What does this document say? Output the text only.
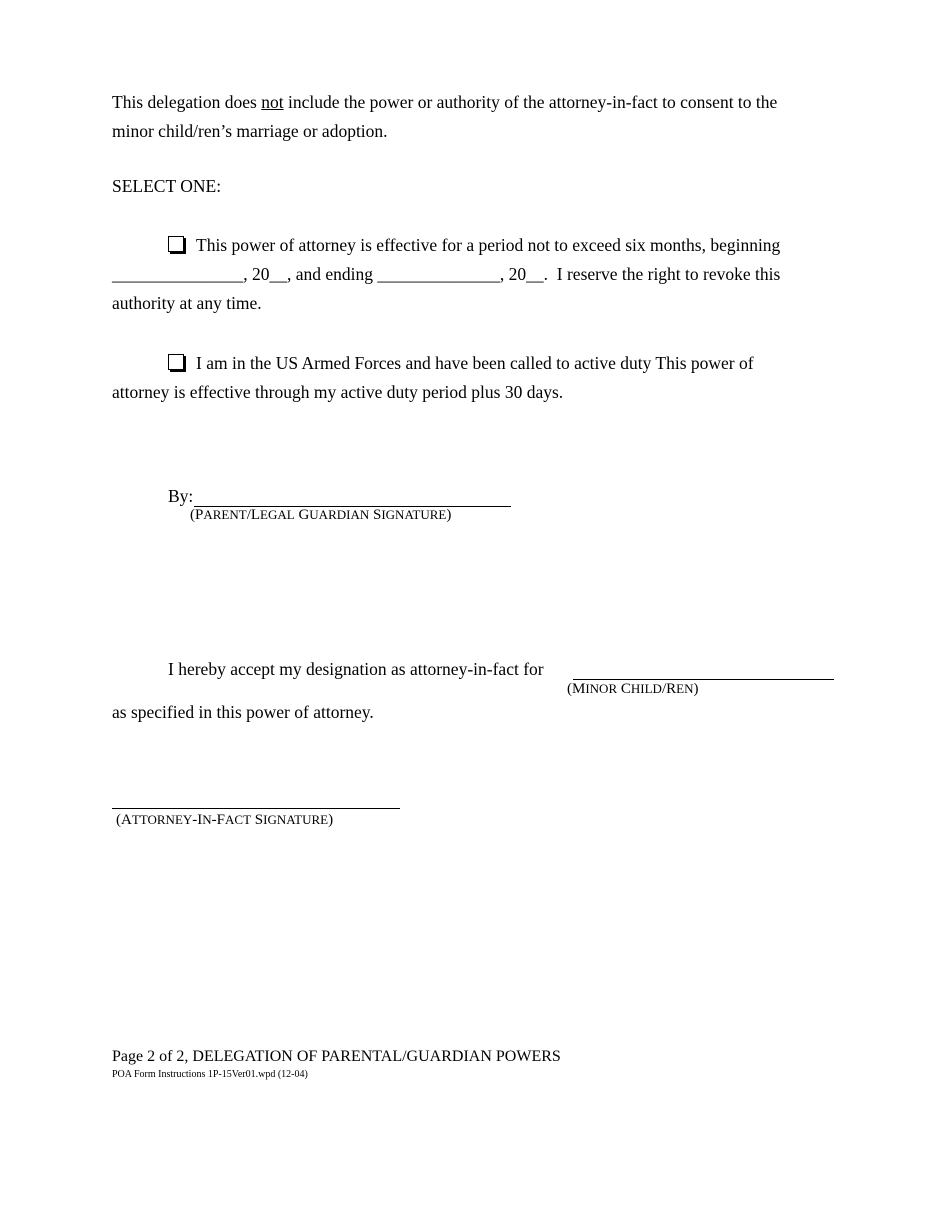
This delegation does not include the power or authority of the attorney-in-fact to consent to the
minor child/ren’s marriage or adoption.
SELECT ONE:
This power of attorney is effective for a period not to exceed six months, beginning
_______________, 20__, and ending ______________, 20__.  I reserve the right to revoke this
authority at any time.
I am in the US Armed Forces and have been called to active duty This power of
attorney is effective through my active duty period plus 30 days.
By:
(PARENT/LEGAL GUARDIAN SIGNATURE)
I hereby accept my designation as attorney-in-fact for
(MINOR CHILD/REN)
as specified in this power of attorney.
(ATTORNEY-IN-FACT SIGNATURE)
Page 2 of 2, DELEGATION OF PARENTAL/GUARDIAN POWERS
POA Form Instructions 1P-15Ver01.wpd (12-04)
